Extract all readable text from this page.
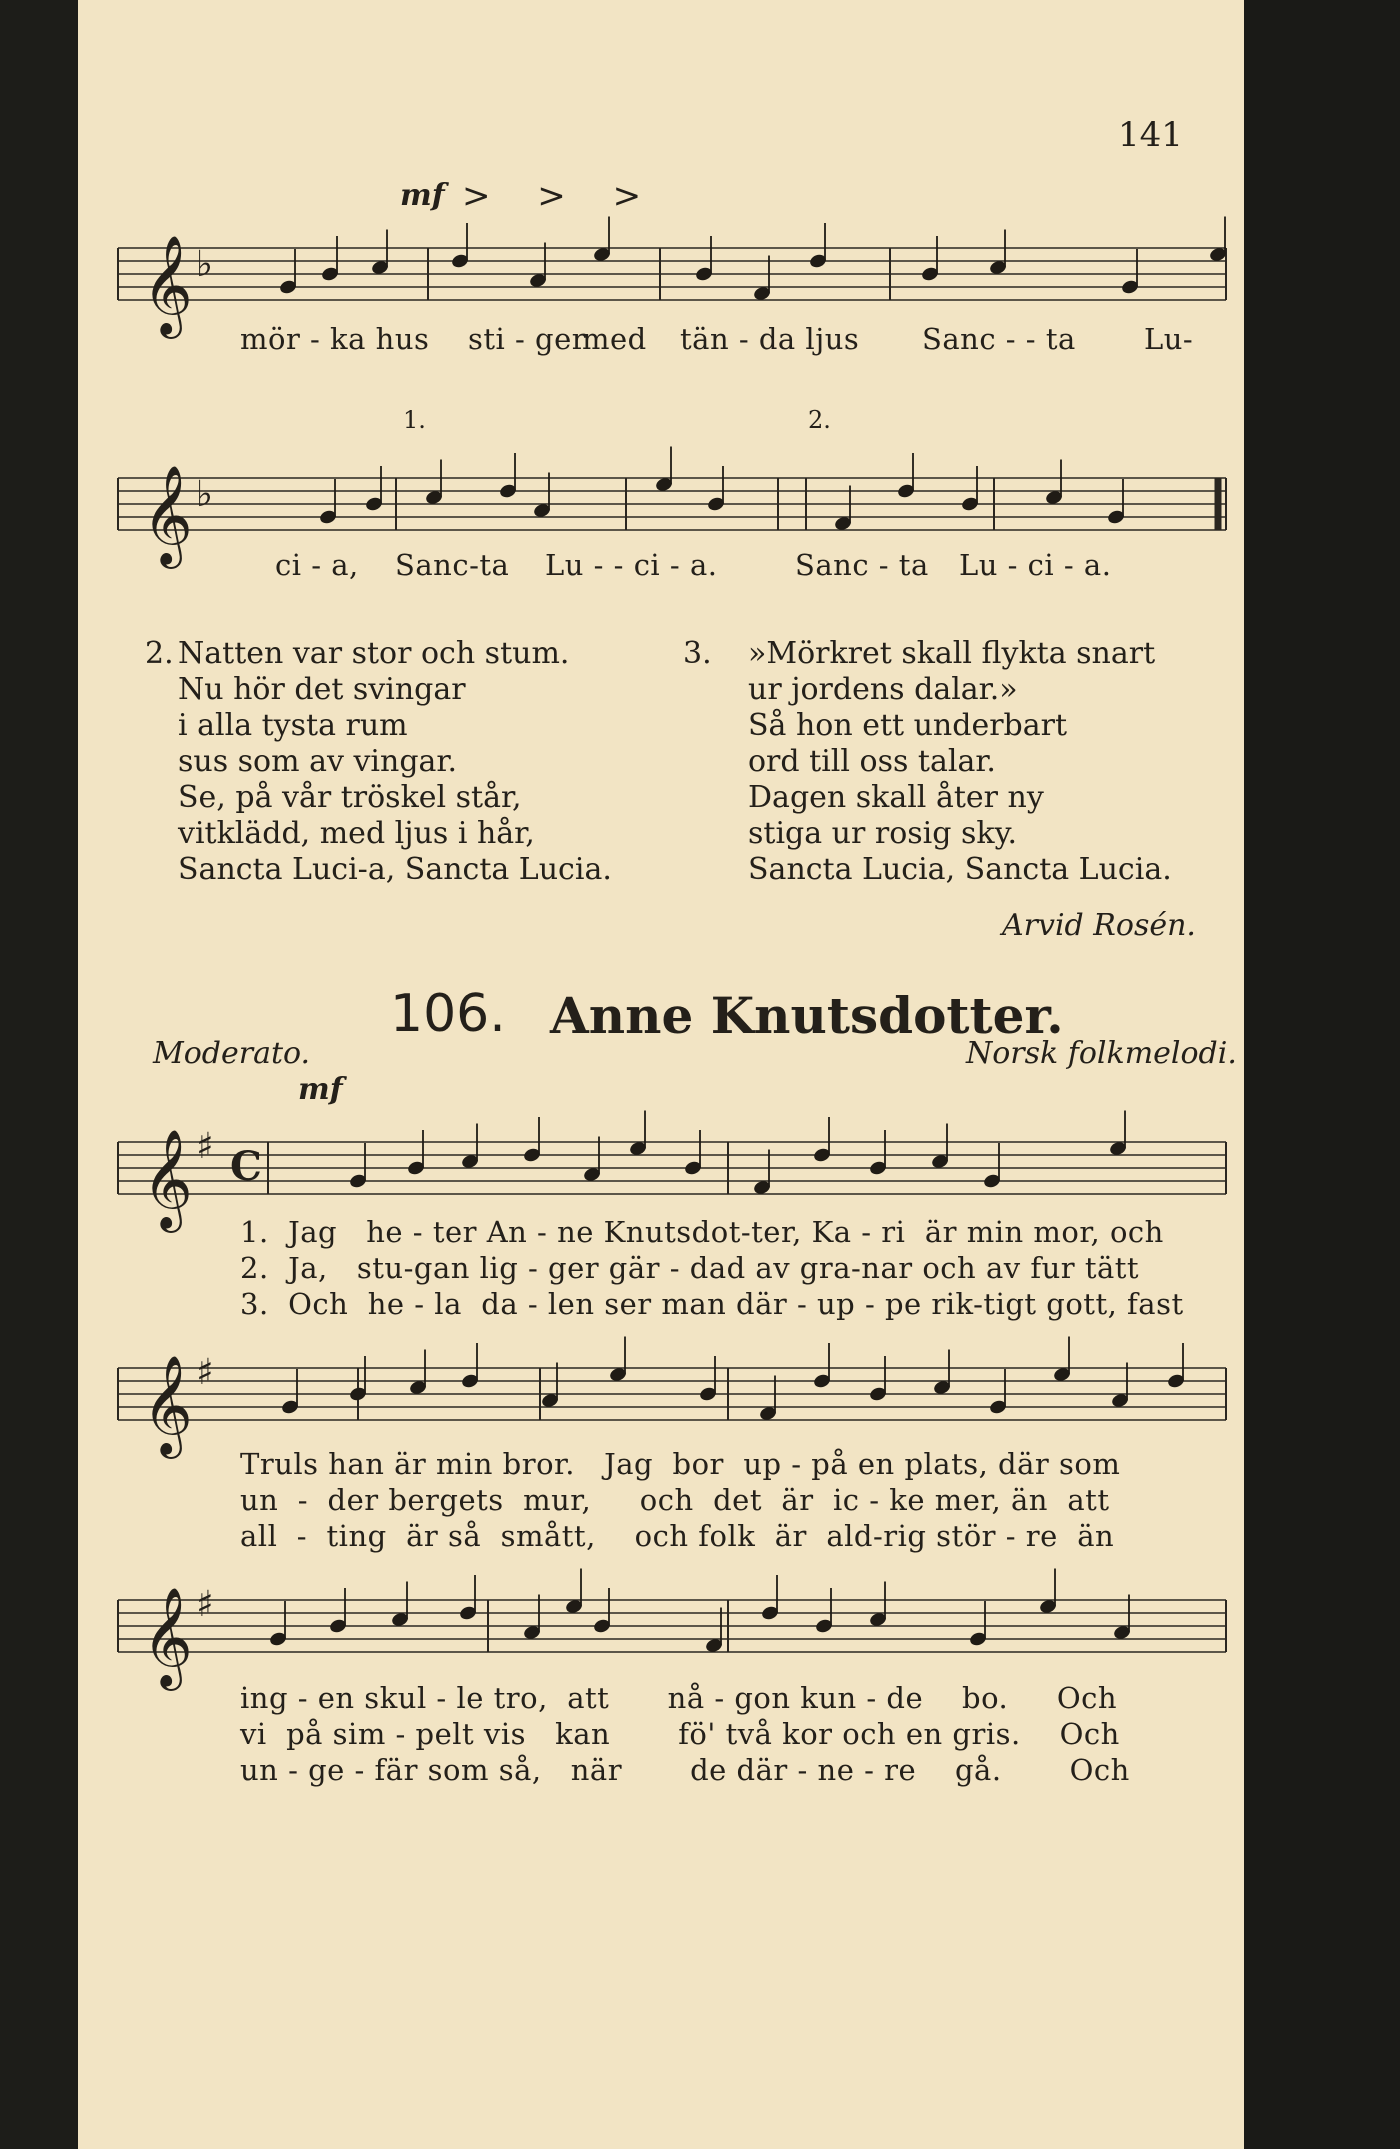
141
mf > > >
𝄞 ♭
mör - ka hus sti - ger
med tän - da ljus Sanc - - ta Lu-
1.	2.
𝄞 ♭
ci - a, Sanc-ta Lu - - ci - a.	Sanc - ta Lu - ci - a.
2. Natten var stor och stum.
Nu hör det svingar
i alla tysta rum
sus som av vingar.
Se, på vår tröskel står,
vitklädd, med ljus i hår,
Sancta Luci-a, Sancta Lucia.
3. »Mörkret skall flykta snart
ur jordens dalar.»
Så hon ett underbart
ord till oss talar.
Dagen skall åter ny
stiga ur rosig sky.
Sancta Lucia, Sancta Lucia.
Arvid Rosén.
106. Anne Knutsdotter.
Moderato.	Norsk folkmelodi.
mf
𝄞 ♯ C
1.  Jag   he - ter An - ne Knutsdot-ter, Ka - ri  är min mor, och
2.  Ja,   stu-gan lig - ger gär - dad av gra-nar och av fur tätt
3.  Och  he - la  da - len ser man där - up - pe rik-tigt gott, fast
𝄞 ♯
Truls han är min bror.   Jag  bor  up - på en plats, där som
un  -  der bergets  mur,     och  det  är  ic - ke mer, än  att
all  -  ting  är så  smått,    och folk  är  ald-rig stör - re  än
𝄞 ♯
ing - en skul - le tro,  att      nå - gon kun - de    bo.     Och
vi  på sim - pelt vis   kan       fö' två kor och en gris.    Och
un - ge - fär som så,   när       de där - ne - re    gå.       Och
